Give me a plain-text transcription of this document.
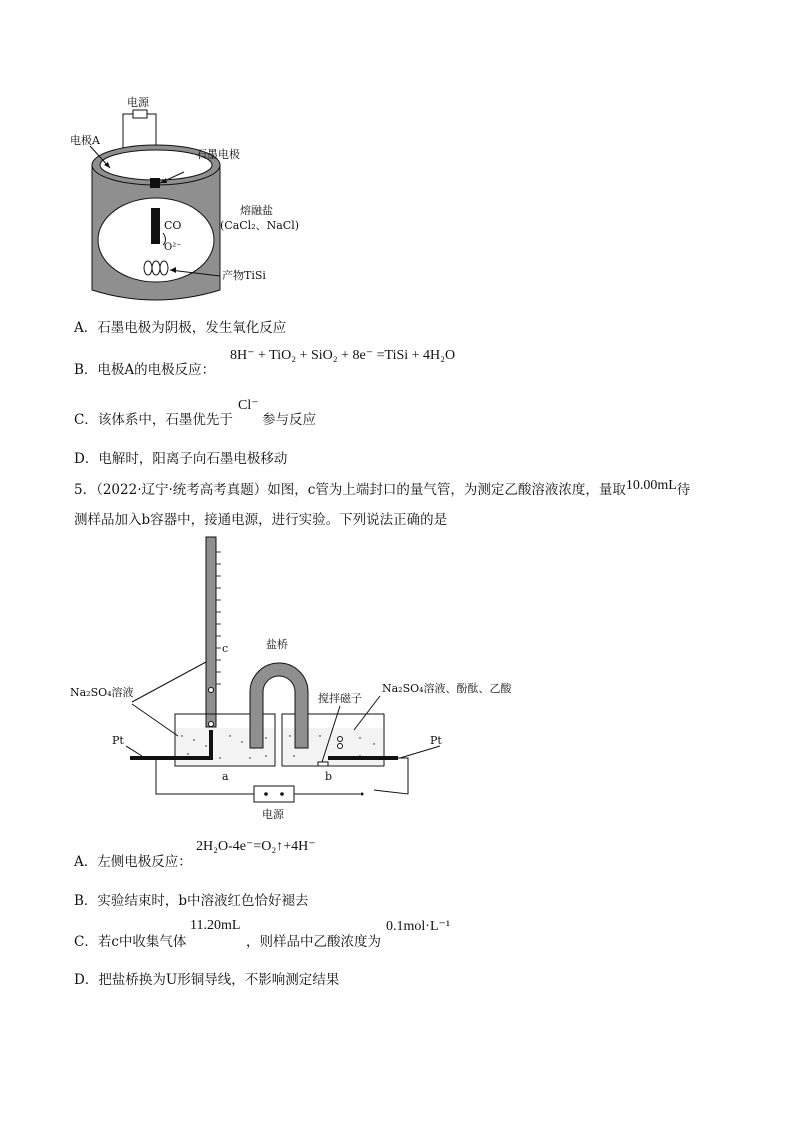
电源
电极A
石墨电极
熔融盐
(CaCl₂、NaCl)
CO
O²⁻
产物TiSi
A．石墨电极为阴极，发生氧化反应
B．电极A的电极反应：
8H⁻ + TiO₂ + SiO₂ + 8e⁻ =TiSi + 4H₂O
C．该体系中，石墨优先于
Cl⁻
参与反应
D．电解时，阳离子向石墨电极移动
5．（2022·辽宁·统考高考真题）如图，c管为上端封口的量气管，为测定乙酸溶液浓度，量取10.00mL待
测样品加入b容器中，接通电源，进行实验。下列说法正确的是
c	盐桥
Na₂SO₄溶液	Na₂SO₄溶液、酚酞、乙酸
搅拌磁子
Pt	Pt
a	b
电源
A．左侧电极反应：
2H₂O-4e⁻=O₂↑+4H⁻
B．实验结束时，b中溶液红色恰好褪去
C．若c中收集气体
11.20mL
，则样品中乙酸浓度为
0.1mol·L⁻¹
D．把盐桥换为U形铜导线，不影响测定结果
